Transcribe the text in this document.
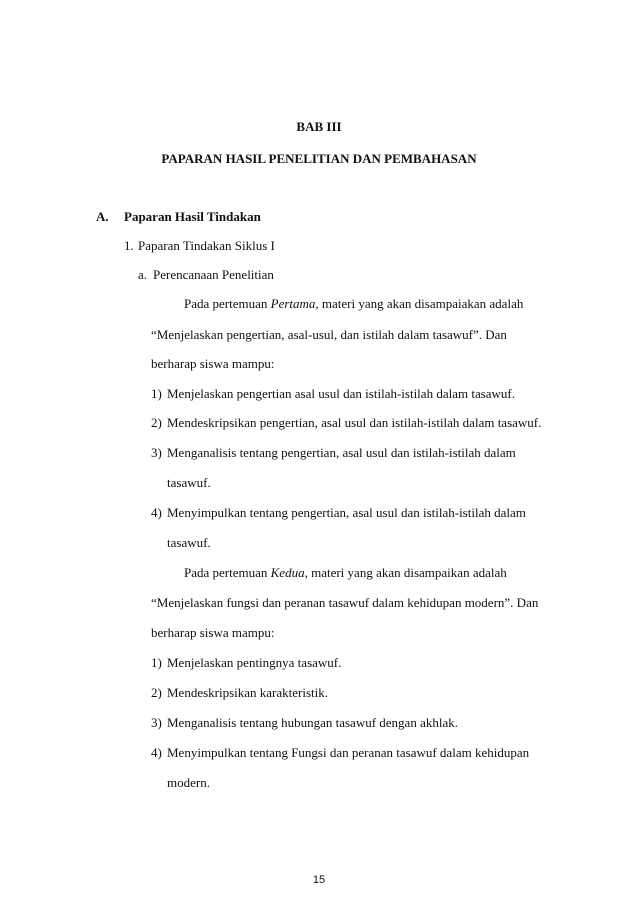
BAB III
PAPARAN HASIL PENELITIAN DAN PEMBAHASAN
A. Paparan Hasil Tindakan
1. Paparan Tindakan Siklus I
a. Perencanaan Penelitian
Pada pertemuan Pertama, materi yang akan disampaiakan adalah
“Menjelaskan pengertian, asal-usul, dan istilah dalam tasawuf”. Dan
berharap siswa mampu:
1) Menjelaskan pengertian asal usul dan istilah-istilah dalam tasawuf.
2) Mendeskripsikan pengertian, asal usul dan istilah-istilah dalam tasawuf.
3) Menganalisis tentang pengertian, asal usul dan istilah-istilah dalam
tasawuf.
4) Menyimpulkan tentang pengertian, asal usul dan istilah-istilah dalam
tasawuf.
Pada pertemuan Kedua, materi yang akan disampaikan adalah
“Menjelaskan fungsi dan peranan tasawuf dalam kehidupan modern”. Dan
berharap siswa mampu:
1) Menjelaskan pentingnya tasawuf.
2) Mendeskripsikan karakteristik.
3) Menganalisis tentang hubungan tasawuf dengan akhlak.
4) Menyimpulkan tentang Fungsi dan peranan tasawuf dalam kehidupan
modern.
15
